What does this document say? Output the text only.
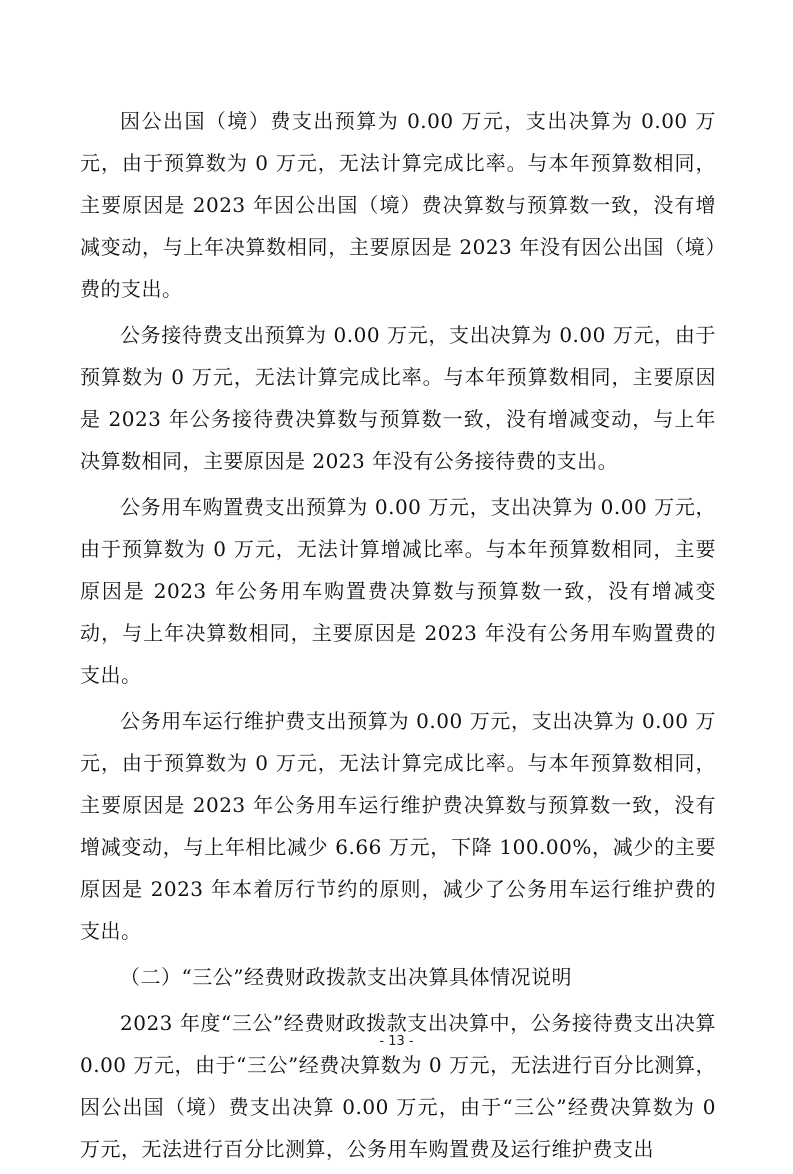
因公出国（境）费支出预算为 0.00 万元，支出决算为 0.00 万元，由于预算数为 0 万元，无法计算完成比率。与本年预算数相同，主要原因是 2023 年因公出国（境）费决算数与预算数一致，没有增减变动，与上年决算数相同，主要原因是 2023 年没有因公出国（境）费的支出。

公务接待费支出预算为 0.00 万元，支出决算为 0.00 万元，由于预算数为 0 万元，无法计算完成比率。与本年预算数相同，主要原因是 2023 年公务接待费决算数与预算数一致，没有增减变动，与上年决算数相同，主要原因是 2023 年没有公务接待费的支出。

公务用车购置费支出预算为 0.00 万元，支出决算为 0.00 万元，由于预算数为 0 万元，无法计算增减比率。与本年预算数相同，主要原因是 2023 年公务用车购置费决算数与预算数一致，没有增减变动，与上年决算数相同，主要原因是 2023 年没有公务用车购置费的支出。

公务用车运行维护费支出预算为 0.00 万元，支出决算为 0.00 万元，由于预算数为 0 万元，无法计算完成比率。与本年预算数相同，主要原因是 2023 年公务用车运行维护费决算数与预算数一致，没有增减变动，与上年相比减少 6.66 万元，下降 100.00%，减少的主要原因是 2023 年本着厉行节约的原则，减少了公务用车运行维护费的支出。

（二）“三公”经费财政拨款支出决算具体情况说明

2023 年度“三公”经费财政拨款支出决算中，公务接待费支出决算 0.00 万元，由于“三公”经费决算数为 0 万元，无法进行百分比测算，因公出国（境）费支出决算 0.00 万元，由于“三公”经费决算数为 0 万元，无法进行百分比测算，公务用车购置费及运行维护费支出

- 13 -
